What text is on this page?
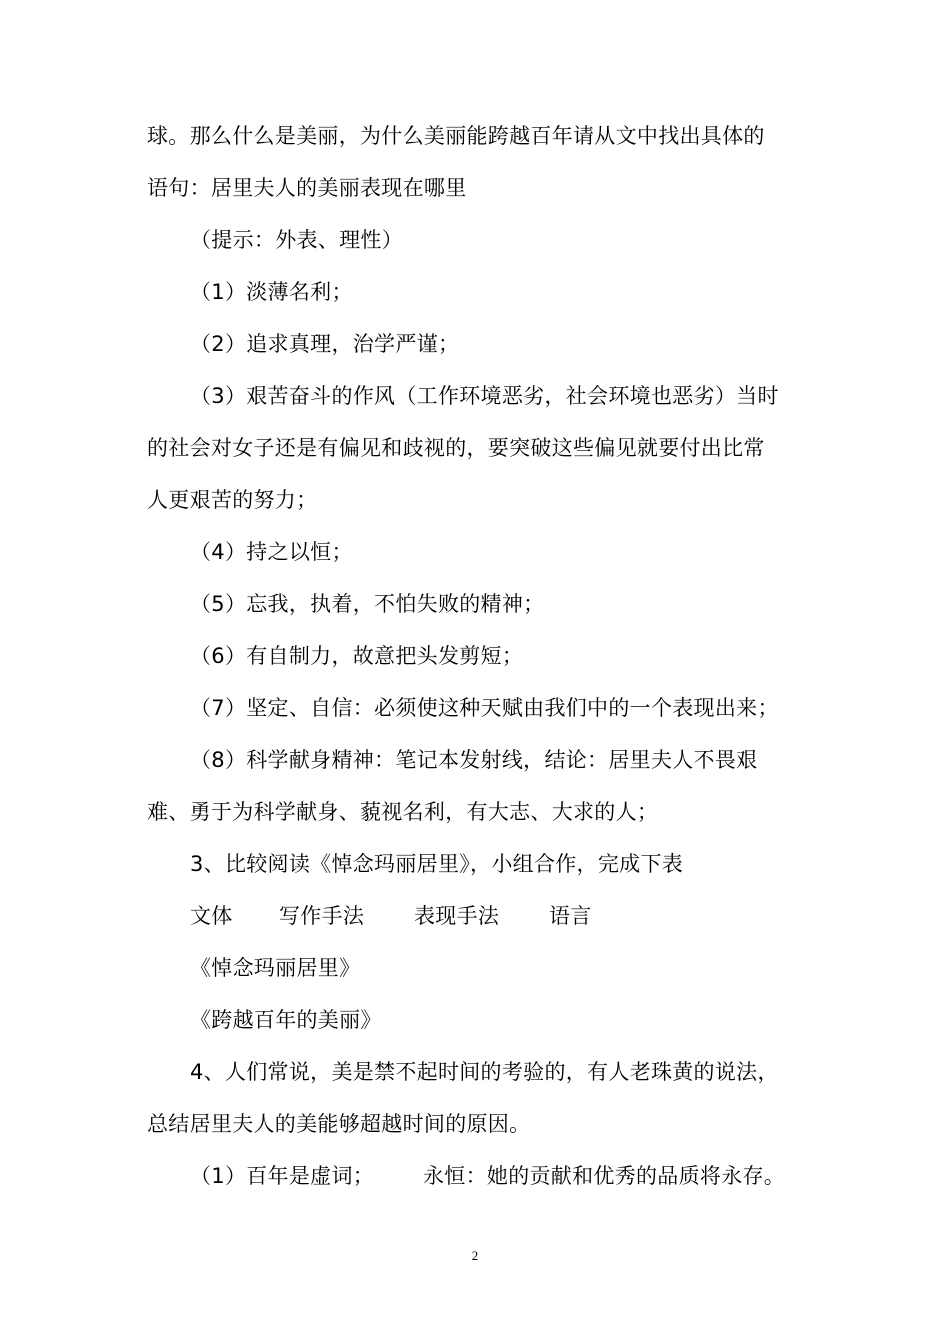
球。那么什么是美丽，为什么美丽能跨越百年请从文中找出具体的
语句：居里夫人的美丽表现在哪里
（提示：外表、理性）
（1）淡薄名利；
（2）追求真理，治学严谨；
（3）艰苦奋斗的作风（工作环境恶劣，社会环境也恶劣）当时
的社会对女子还是有偏见和歧视的，要突破这些偏见就要付出比常
人更艰苦的努力；
（4）持之以恒；
（5）忘我，执着，不怕失败的精神；
（6）有自制力，故意把头发剪短；
（7）坚定、自信：必须使这种天赋由我们中的一个表现出来；
（8）科学献身精神：笔记本发射线，结论：居里夫人不畏艰
难、勇于为科学献身、藐视名利，有大志、大求的人；
3、比较阅读《悼念玛丽居里》，小组合作，完成下表
文体 写作手法 表现手法 语言
《悼念玛丽居里》
《跨越百年的美丽》
4、人们常说，美是禁不起时间的考验的，有人老珠黄的说法，
总结居里夫人的美能够超越时间的原因。
（1）百年是虚词； 永恒：她的贡献和优秀的品质将永存。
2
